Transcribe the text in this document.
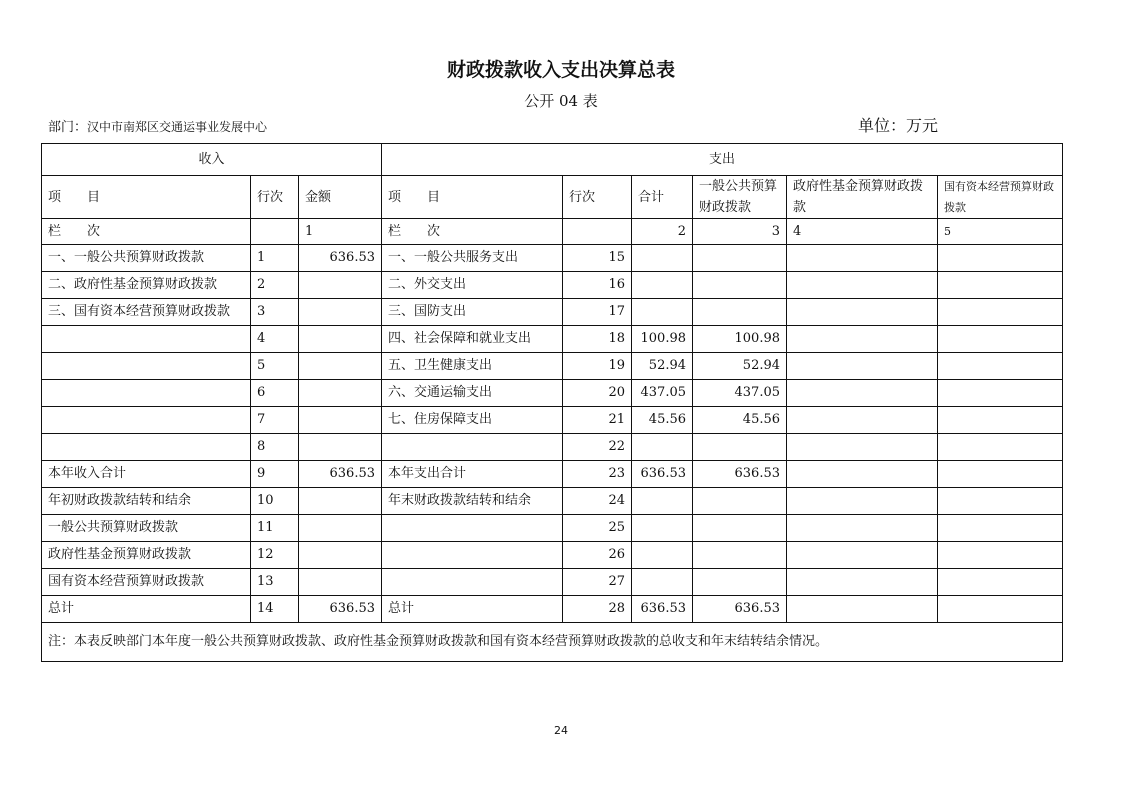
财政拨款收入支出决算总表
公开 04 表
部门：汉中市南郑区交通运事业发展中心	单位：万元
收入			支出					
项　　目	行次	金额	项　　目	行次	合计	一般公共预算财政拨款	政府性基金预算财政拨款	国有资本经营预算财政拨款
栏　　次		1	栏　　次		2	3	4	5
一、一般公共预算财政拨款	1	636.53	一、一般公共服务支出	15				
二、政府性基金预算财政拨款	2		二、外交支出	16				
三、国有资本经营预算财政拨款	3		三、国防支出	17				
	4		四、社会保障和就业支出	18	100.98	100.98		
	5		五、卫生健康支出	19	52.94	52.94		
	6		六、交通运输支出	20	437.05	437.05		
	7		七、住房保障支出	21	45.56	45.56		
	8			22				
本年收入合计	9	636.53	本年支出合计	23	636.53	636.53		
年初财政拨款结转和结余	10		年末财政拨款结转和结余	24				
一般公共预算财政拨款	11			25				
政府性基金预算财政拨款	12			26				
国有资本经营预算财政拨款	13			27				
总计	14	636.53	总计	28	636.53	636.53		
注：本表反映部门本年度一般公共预算财政拨款、政府性基金预算财政拨款和国有资本经营预算财政拨款的总收支和年末结转结余情况。								
24
